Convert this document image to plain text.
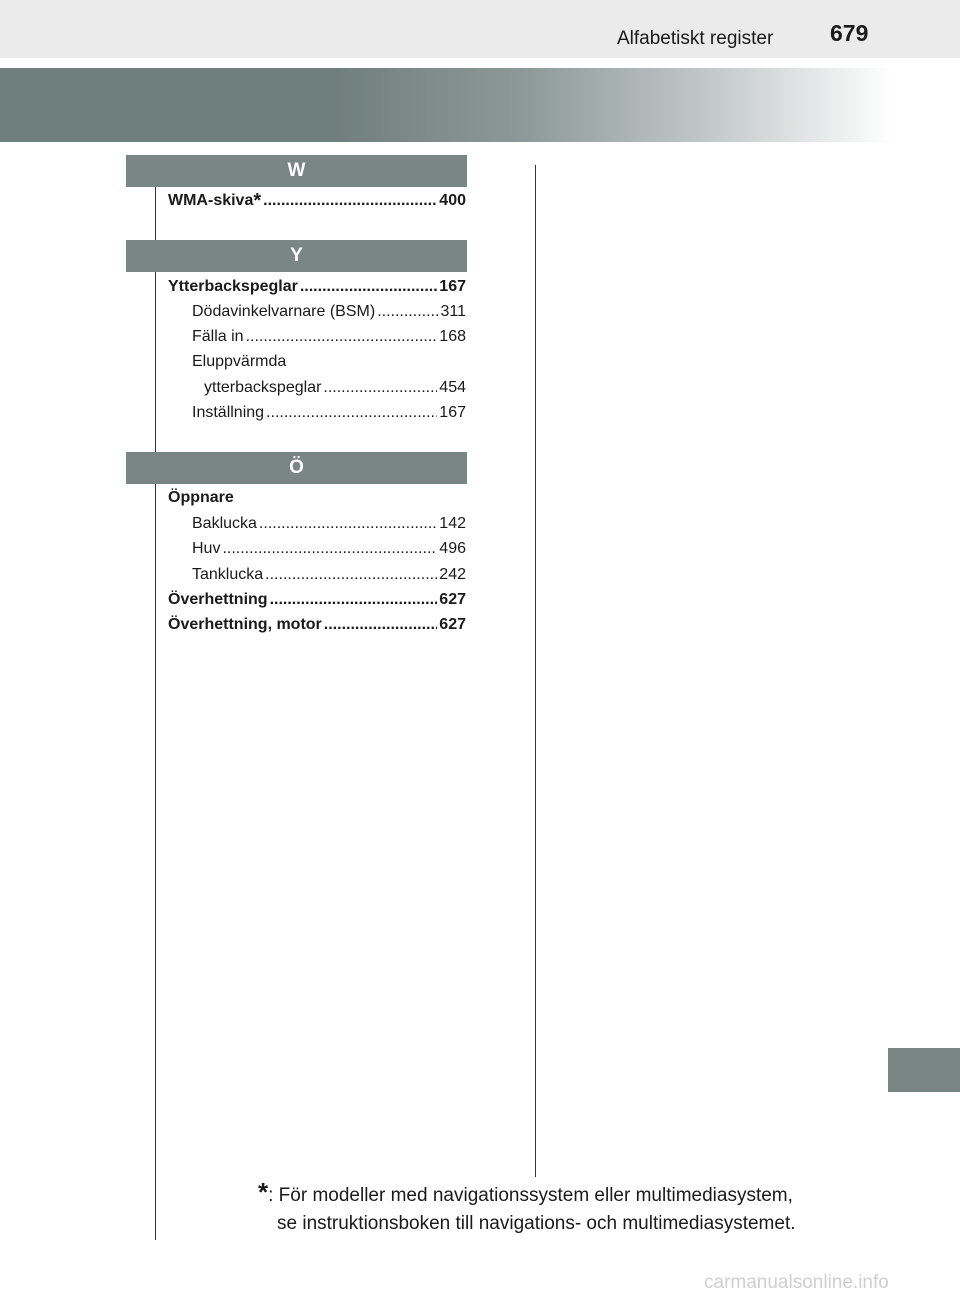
Alfabetiskt register 679
W
WMA-skiva* .....	400
Y
Ytterbackspeglar .....	167
Dödavinkelvarnare (BSM) .....	311
Fälla in .....	168
Eluppvärmda
ytterbackspeglar .....	454
Inställning .....	167
Ö
Öppnare
Baklucka .....	142
Huv .....	496
Tanklucka .....	242
Överhettning .....	627
Överhettning, motor .....	627
*: För modeller med navigationssystem eller multimediasystem,
se instruktionsboken till navigations- och multimediasystemet.
carmanualsonline.info
